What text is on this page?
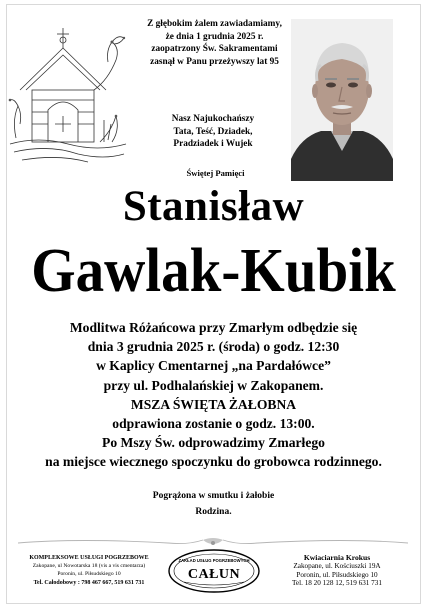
Z głębokim żalem zawiadamiamy,
że dnia 1 grudnia 2025 r.
zaopatrzony Św. Sakramentami
zasnął w Panu przeżywszy lat 95
Nasz Najukochańszy
Tata, Teść, Dziadek,
Pradziadek i Wujek
Świętej Pamięci
Stanisław
Gawlak-Kubik
Modlitwa Różańcowa przy Zmarłym odbędzie się
dnia 3 grudnia 2025 r. (środa) o godz. 12:30
w Kaplicy Cmentarnej „na Pardałówce”
przy ul. Podhalańskiej w Zakopanem.
MSZA ŚWIĘTA ŻAŁOBNA
odprawiona zostanie o godz. 13:00.
Po Mszy Św. odprowadzimy Zmarłego
na miejsce wiecznego spoczynku do grobowca rodzinnego.
Pogrążona w smutku i żałobie
Rodzina.
KOMPLEKSOWE USŁUGI POGRZEBOWE
Zakopane, ul Nowotarska 18 (vis a vis cmentarza)
Poronin, ul. Piłsudskiego 10
Tel. Całodobowy : 798 467 667, 519 631 731
ZAKŁAD USŁUG POGRZEBOWYCH
CAŁUN
Kwiaciarnia Krokus
Zakopane, ul. Kościuszki 19A
Poronin, ul. Piłsudskiego 10
Tel. 18 20 128 12, 519 631 731
